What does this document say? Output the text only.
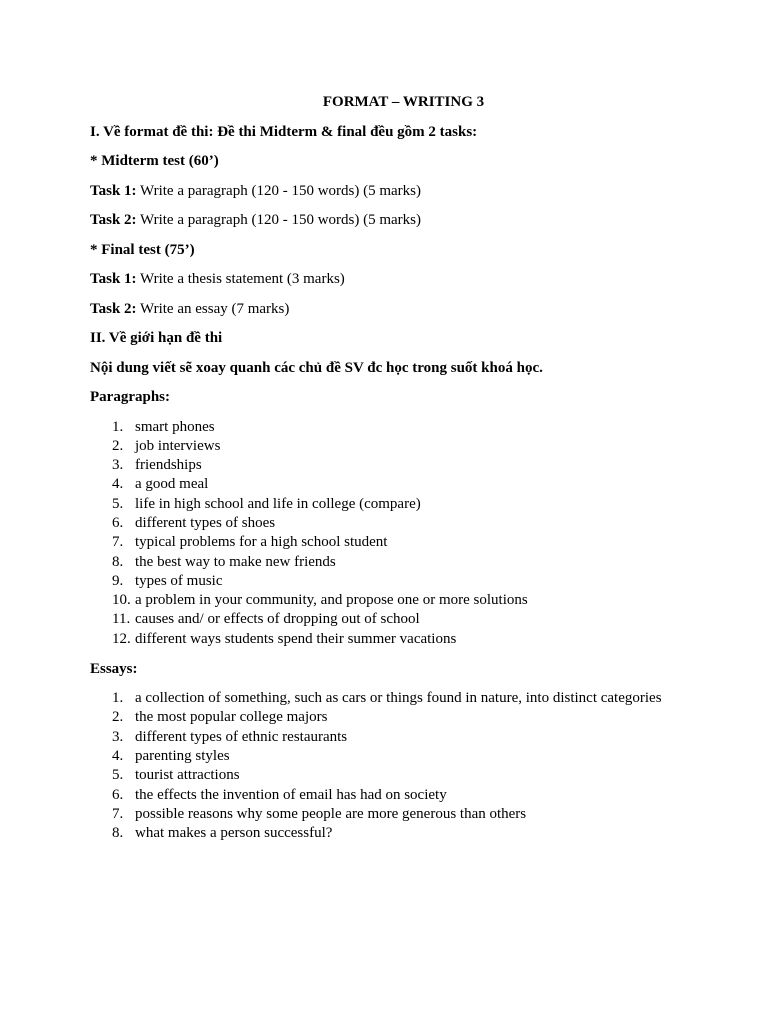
FORMAT – WRITING 3
I. Về format đề thi: Đề thi Midterm & final đều gồm 2 tasks:
* Midterm test (60’)
Task 1: Write a paragraph (120 - 150 words) (5 marks)
Task 2: Write a paragraph (120 - 150 words) (5 marks)
* Final test (75’)
Task 1: Write a thesis statement (3 marks)
Task 2: Write an essay (7 marks)
II. Về giới hạn đề thi
Nội dung viết sẽ xoay quanh các chủ đề SV đc học trong suốt khoá học.
Paragraphs:
1. smart phones
2. job interviews
3. friendships
4. a good meal
5. life in high school and life in college (compare)
6. different types of shoes
7. typical problems for a high school student
8. the best way to make new friends
9. types of music
10. a problem in your community, and propose one or more solutions
11. causes and/ or effects of dropping out of school
12. different ways students spend their summer vacations
Essays:
1. a collection of something, such as cars or things found in nature, into distinct categories
2. the most popular college majors
3. different types of ethnic restaurants
4. parenting styles
5. tourist attractions
6. the effects the invention of email has had on society
7. possible reasons why some people are more generous than others
8. what makes a person successful?
